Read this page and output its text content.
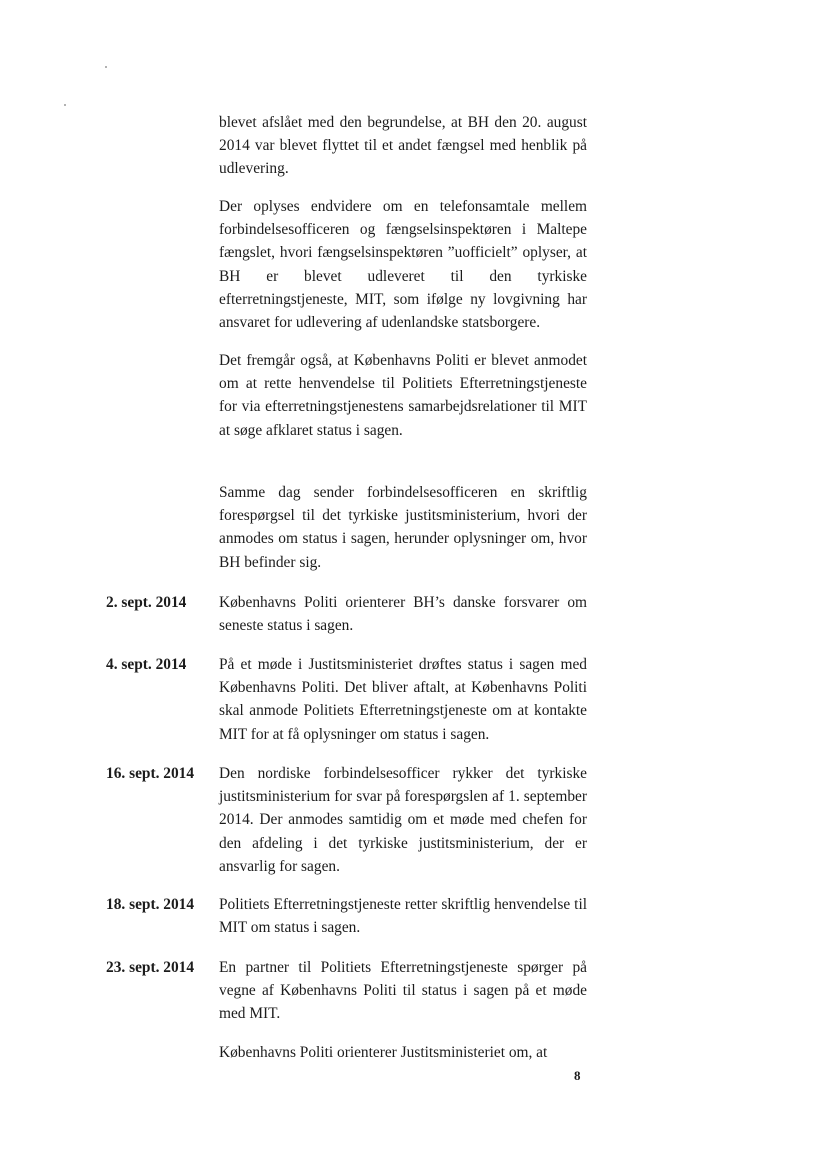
blevet afslået med den begrundelse, at BH den 20. august 2014 var blevet flyttet til et andet fængsel med henblik på udlevering.

Der oplyses endvidere om en telefonsamtale mellem forbindelsesofficeren og fængselsinspektøren i Maltepe fængslet, hvori fængselsinspektøren ”uofficielt” oplyser, at BH er blevet udleveret til den tyrkiske efterretningstjeneste, MIT, som ifølge ny lovgivning har ansvaret for udlevering af udenlandske statsborgere.

Det fremgår også, at Københavns Politi er blevet anmodet om at rette henvendelse til Politiets Efterretningstjeneste for via efterretningstjenestens samarbejdsrelationer til MIT at søge afklaret status i sagen.

Samme dag sender forbindelsesofficeren en skriftlig forespørgsel til det tyrkiske justitsministerium, hvori der anmodes om status i sagen, herunder oplysninger om, hvor BH befinder sig.

2. sept. 2014 Københavns Politi orienterer BH’s danske forsvarer om seneste status i sagen.

4. sept. 2014 På et møde i Justitsministeriet drøftes status i sagen med Københavns Politi. Det bliver aftalt, at Københavns Politi skal anmode Politiets Efterretningstjeneste om at kontakte MIT for at få oplysninger om status i sagen.

16. sept. 2014 Den nordiske forbindelsesofficer rykker det tyrkiske justitsministerium for svar på forespørgslen af 1. september 2014. Der anmodes samtidig om et møde med chefen for den afdeling i det tyrkiske justitsministerium, der er ansvarlig for sagen.

18. sept. 2014 Politiets Efterretningstjeneste retter skriftlig henvendelse til MIT om status i sagen.

23. sept. 2014 En partner til Politiets Efterretningstjeneste spørger på vegne af Københavns Politi til status i sagen på et møde med MIT.

Københavns Politi orienterer Justitsministeriet om, at

8
